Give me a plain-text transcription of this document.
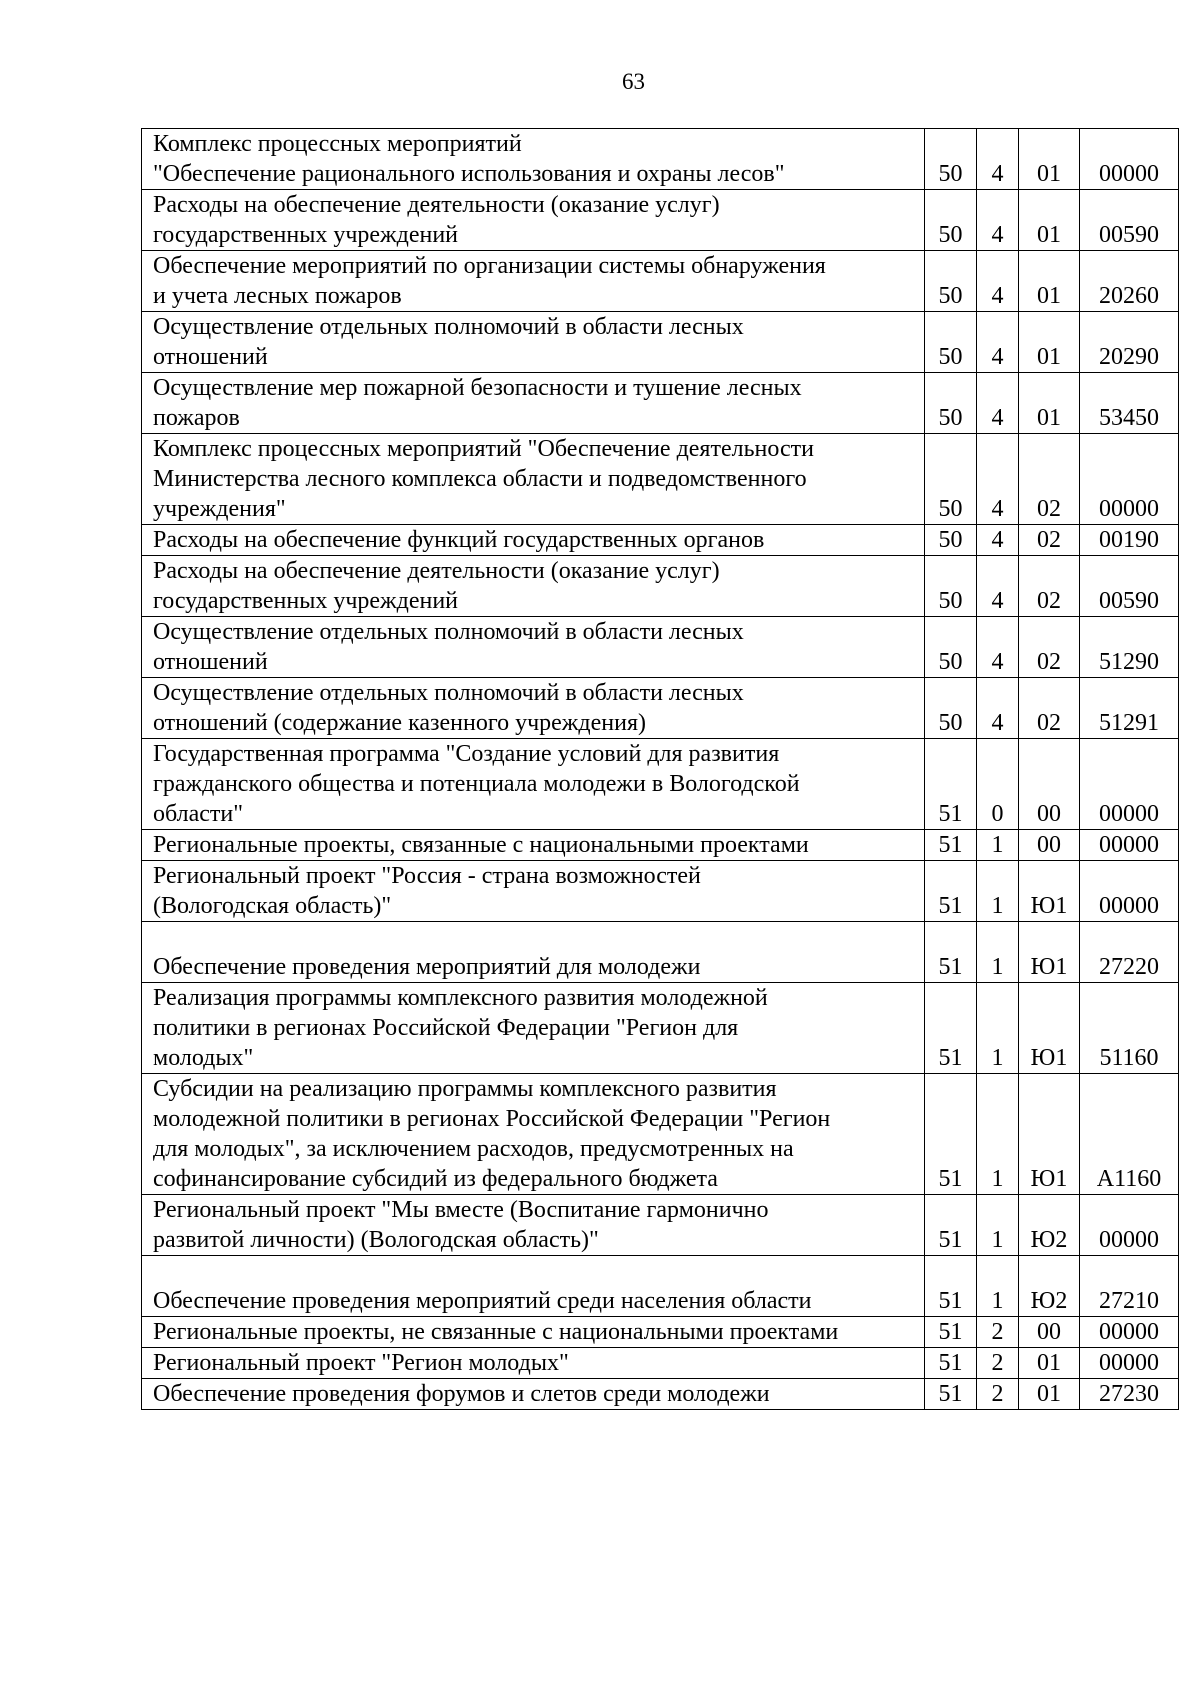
63
Комплекс процессных мероприятий
"Обеспечение рационального использования и охраны лесов"	50	4	01	00000
Расходы на обеспечение деятельности (оказание услуг)
государственных учреждений	50	4	01	00590
Обеспечение мероприятий по организации системы обнаружения
и учета лесных пожаров	50	4	01	20260
Осуществление отдельных полномочий в области лесных
отношений	50	4	01	20290
Осуществление мер пожарной безопасности и тушение лесных
пожаров	50	4	01	53450
Комплекс процессных мероприятий "Обеспечение деятельности
Министерства лесного комплекса области и подведомственного
учреждения"	50	4	02	00000
Расходы на обеспечение функций государственных органов	50	4	02	00190
Расходы на обеспечение деятельности (оказание услуг)
государственных учреждений	50	4	02	00590
Осуществление отдельных полномочий в области лесных
отношений	50	4	02	51290
Осуществление отдельных полномочий в области лесных
отношений (содержание казенного учреждения)	50	4	02	51291
Государственная программа "Создание условий для развития
гражданского общества и потенциала молодежи в Вологодской
области"	51	0	00	00000
Региональные проекты, связанные с национальными проектами	51	1	00	00000
Региональный проект "Россия - страна возможностей
(Вологодская область)"	51	1	Ю1	00000

Обеспечение проведения мероприятий для молодежи	51	1	Ю1	27220
Реализация программы комплексного развития молодежной
политики в регионах Российской Федерации "Регион для
молодых"	51	1	Ю1	51160
Субсидии на реализацию программы комплексного развития
молодежной политики в регионах Российской Федерации "Регион
для молодых", за исключением расходов, предусмотренных на
софинансирование субсидий из федерального бюджета	51	1	Ю1	А1160
Региональный проект "Мы вместе (Воспитание гармонично
развитой личности) (Вологодская область)"	51	1	Ю2	00000

Обеспечение проведения мероприятий среди населения области	51	1	Ю2	27210
Региональные проекты, не связанные с национальными проектами	51	2	00	00000
Региональный проект "Регион молодых"	51	2	01	00000
Обеспечение проведения форумов и слетов среди молодежи	51	2	01	27230
